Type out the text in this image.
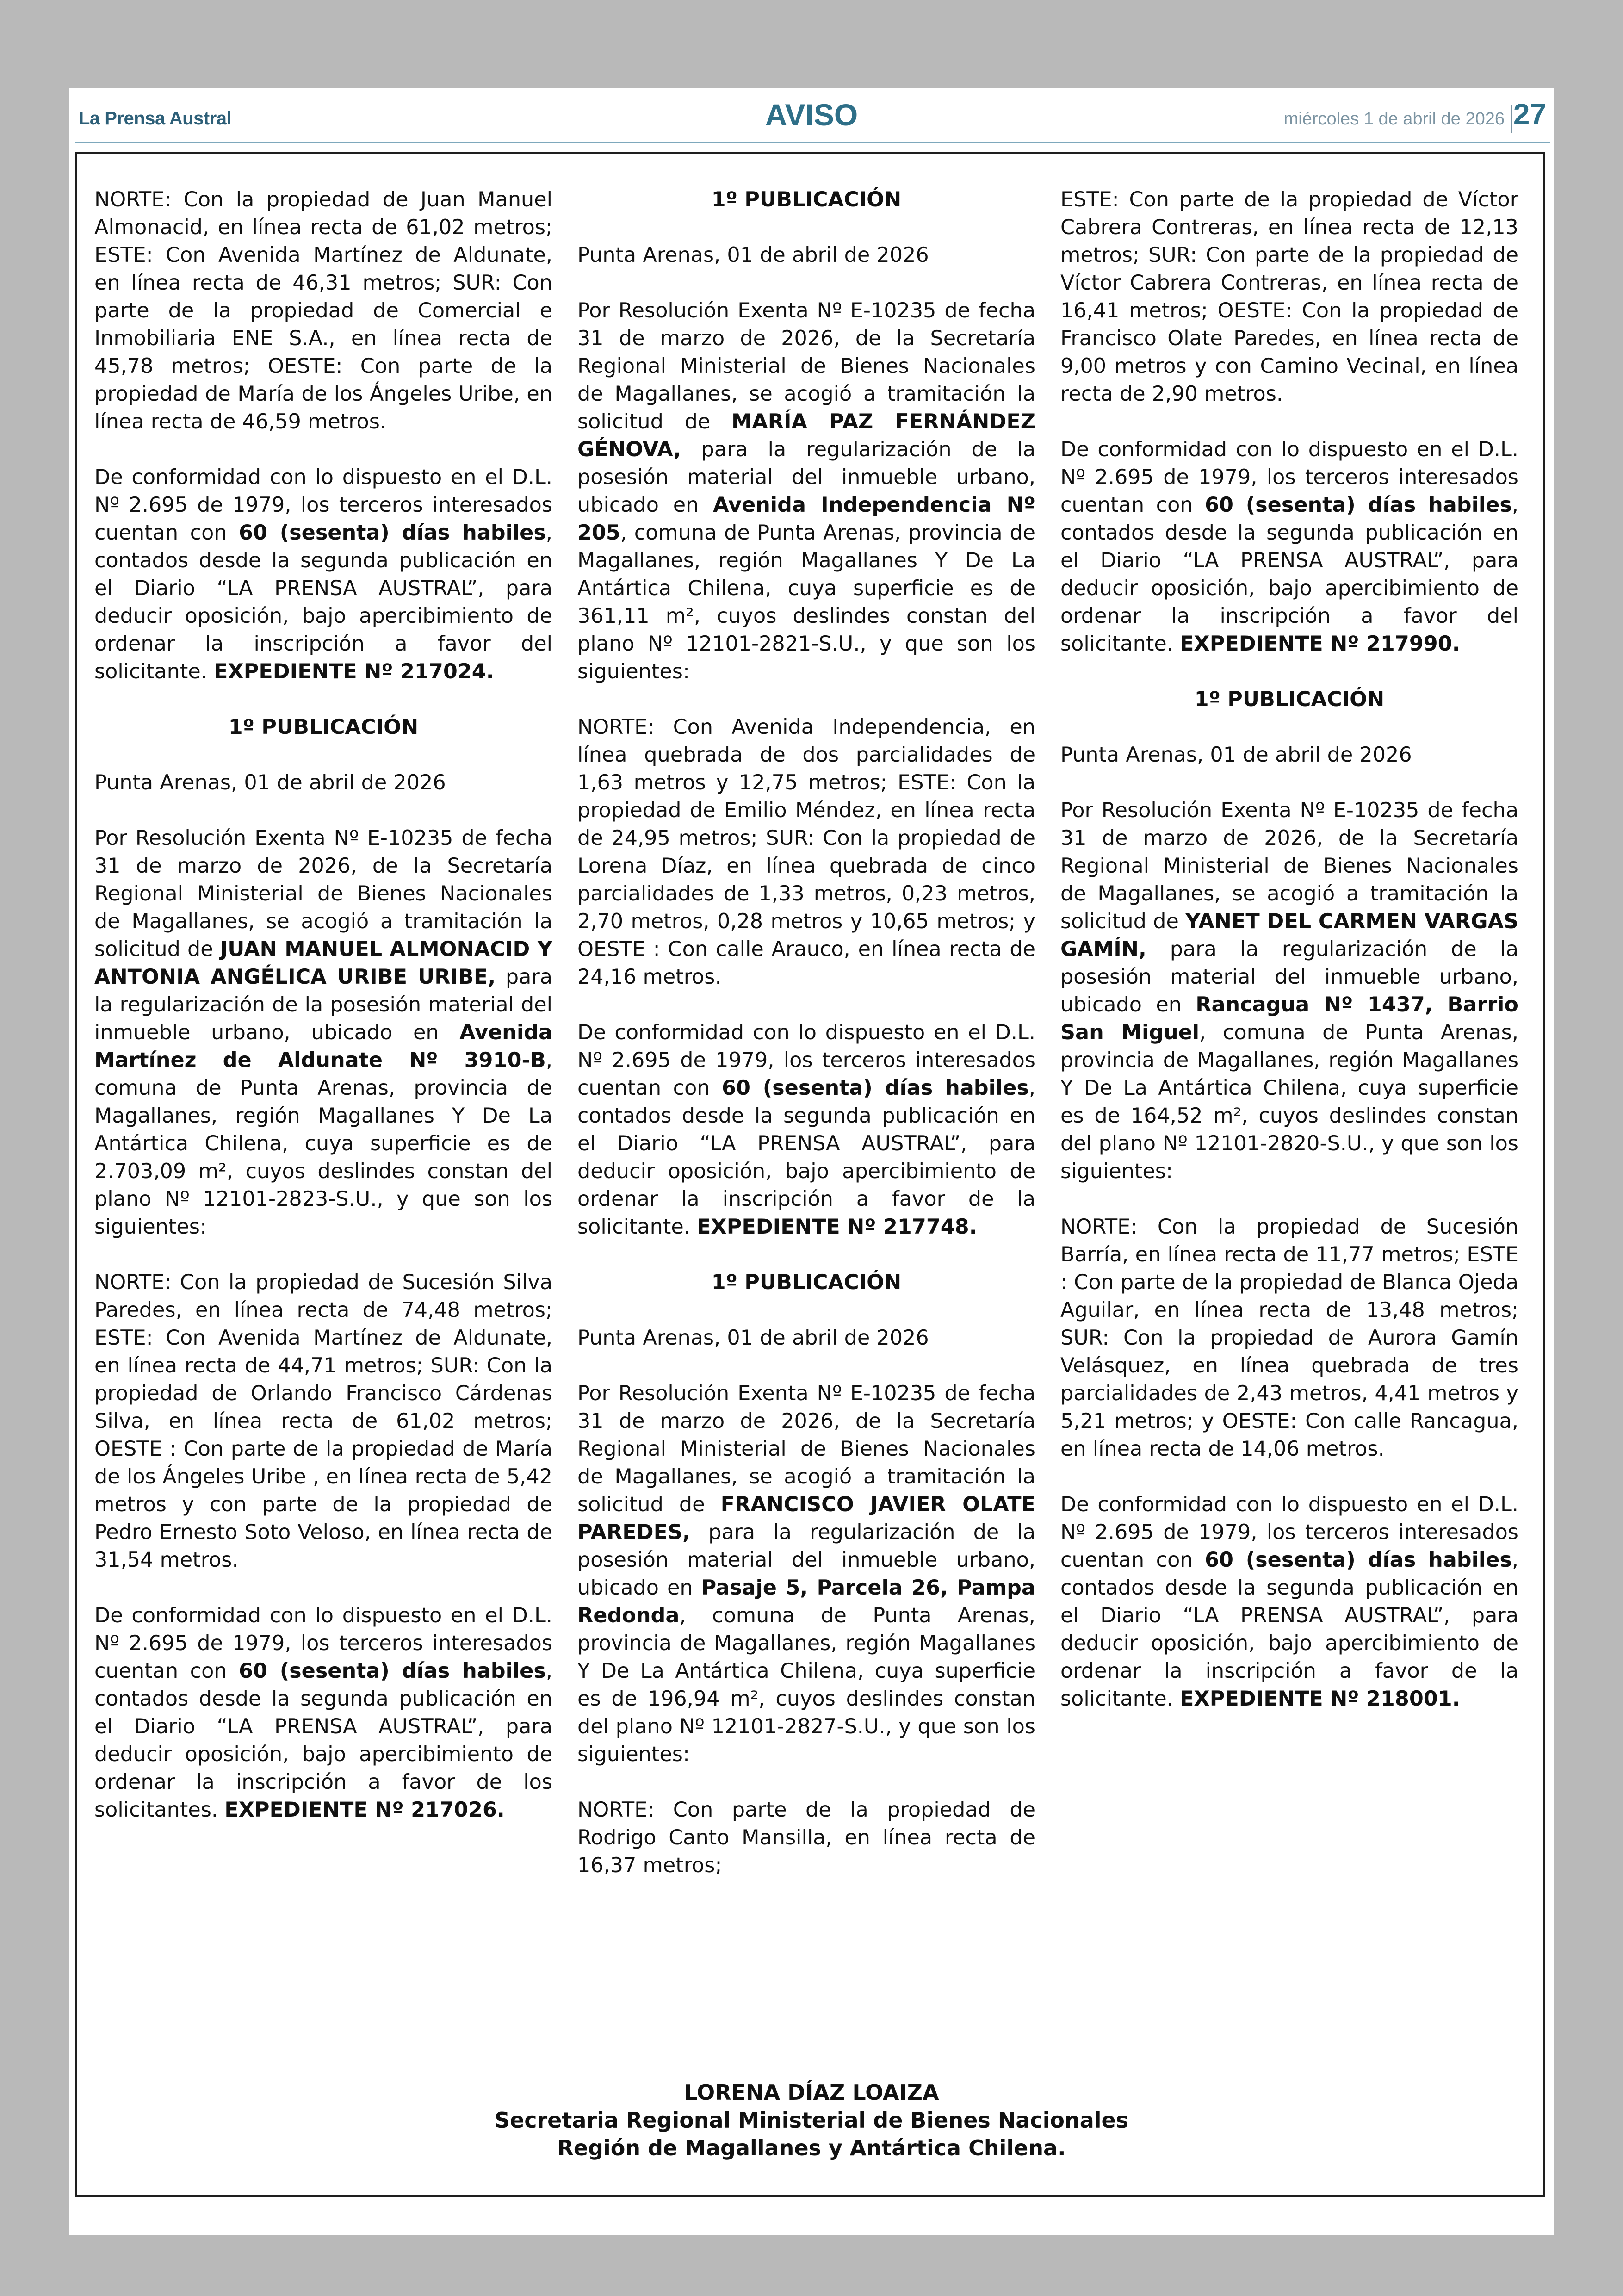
La Prensa Austral	AVISO	miércoles 1 de abril de 2026 27

NORTE: Con la propiedad de Juan Manuel Almonacid, en línea recta de 61,02 metros; ESTE: Con Avenida Martínez de Aldunate, en línea recta de 46,31 metros; SUR: Con parte de la propiedad de Comercial e Inmobiliaria ENE S.A., en línea recta de 45,78 metros; OESTE: Con parte de la propiedad de María de los Ángeles Uribe, en línea recta de 46,59 metros.

De conformidad con lo dispuesto en el D.L. Nº 2.695 de 1979, los terceros interesados cuentan con 60 (sesenta) días habiles, contados desde la segunda publicación en el Diario “LA PRENSA AUSTRAL”, para deducir oposición, bajo apercibimiento de ordenar la inscripción a favor del solicitante. EXPEDIENTE Nº 217024.

1º PUBLICACIÓN

Punta Arenas, 01 de abril de 2026

Por Resolución Exenta Nº E-10235 de fecha 31 de marzo de 2026, de la Secretaría Regional Ministerial de Bienes Nacionales de Magallanes, se acogió a tramitación la solicitud de JUAN MANUEL ALMONACID Y ANTONIA ANGÉLICA URIBE URIBE, para la regularización de la posesión material del inmueble urbano, ubicado en Avenida Martínez de Aldunate Nº 3910-B, comuna de Punta Arenas, provincia de Magallanes, región Magallanes Y De La Antártica Chilena, cuya superficie es de 2.703,09 m², cuyos deslindes constan del plano Nº 12101-2823-S.U., y que son los siguientes:

NORTE: Con la propiedad de Sucesión Silva Paredes, en línea recta de 74,48 metros; ESTE: Con Avenida Martínez de Aldunate, en línea recta de 44,71 metros; SUR: Con la propiedad de Orlando Francisco Cárdenas Silva, en línea recta de 61,02 metros; OESTE : Con parte de la propiedad de María de los Ángeles Uribe , en línea recta de 5,42 metros y con parte de la propiedad de Pedro Ernesto Soto Veloso, en línea recta de 31,54 metros.

De conformidad con lo dispuesto en el D.L. Nº 2.695 de 1979, los terceros interesados cuentan con 60 (sesenta) días habiles, contados desde la segunda publicación en el Diario “LA PRENSA AUSTRAL”, para deducir oposición, bajo apercibimiento de ordenar la inscripción a favor de los solicitantes. EXPEDIENTE Nº 217026.

1º PUBLICACIÓN

Punta Arenas, 01 de abril de 2026

Por Resolución Exenta Nº E-10235 de fecha 31 de marzo de 2026, de la Secretaría Regional Ministerial de Bienes Nacionales de Magallanes, se acogió a tramitación la solicitud de MARÍA PAZ FERNÁNDEZ GÉNOVA, para la regularización de la posesión material del inmueble urbano, ubicado en Avenida Independencia Nº 205, comuna de Punta Arenas, provincia de Magallanes, región Magallanes Y De La Antártica Chilena, cuya superficie es de 361,11 m², cuyos deslindes constan del plano Nº 12101-2821-S.U., y que son los siguientes:

NORTE: Con Avenida Independencia, en línea quebrada de dos parcialidades de 1,63 metros y 12,75 metros; ESTE: Con la propiedad de Emilio Méndez, en línea recta de 24,95 metros; SUR: Con la propiedad de Lorena Díaz, en línea quebrada de cinco parcialidades de 1,33 metros, 0,23 metros, 2,70 metros, 0,28 metros y 10,65 metros; y OESTE : Con calle Arauco, en línea recta de 24,16 metros.

De conformidad con lo dispuesto en el D.L. Nº 2.695 de 1979, los terceros interesados cuentan con 60 (sesenta) días habiles, contados desde la segunda publicación en el Diario “LA PRENSA AUSTRAL”, para deducir oposición, bajo apercibimiento de ordenar la inscripción a favor de la solicitante. EXPEDIENTE Nº 217748.

1º PUBLICACIÓN

Punta Arenas, 01 de abril de 2026

Por Resolución Exenta Nº E-10235 de fecha 31 de marzo de 2026, de la Secretaría Regional Ministerial de Bienes Nacionales de Magallanes, se acogió a tramitación la solicitud de FRANCISCO JAVIER OLATE PAREDES, para la regularización de la posesión material del inmueble urbano, ubicado en Pasaje 5, Parcela 26, Pampa Redonda, comuna de Punta Arenas, provincia de Magallanes, región Magallanes Y De La Antártica Chilena, cuya superficie es de 196,94 m², cuyos deslindes constan del plano Nº 12101-2827-S.U., y que son los siguientes:

NORTE: Con parte de la propiedad de Rodrigo Canto Mansilla, en línea recta de 16,37 metros;

ESTE: Con parte de la propiedad de Víctor Cabrera Contreras, en línea recta de 12,13 metros; SUR: Con parte de la propiedad de Víctor Cabrera Contreras, en línea recta de 16,41 metros; OESTE: Con la propiedad de Francisco Olate Paredes, en línea recta de 9,00 metros y con Camino Vecinal, en línea recta de 2,90 metros.

De conformidad con lo dispuesto en el D.L. Nº 2.695 de 1979, los terceros interesados cuentan con 60 (sesenta) días habiles, contados desde la segunda publicación en el Diario “LA PRENSA AUSTRAL”, para deducir oposición, bajo apercibimiento de ordenar la inscripción a favor del solicitante. EXPEDIENTE Nº 217990.

1º PUBLICACIÓN

Punta Arenas, 01 de abril de 2026

Por Resolución Exenta Nº E-10235 de fecha 31 de marzo de 2026, de la Secretaría Regional Ministerial de Bienes Nacionales de Magallanes, se acogió a tramitación la solicitud de YANET DEL CARMEN VARGAS GAMÍN, para la regularización de la posesión material del inmueble urbano, ubicado en Rancagua Nº 1437, Barrio San Miguel, comuna de Punta Arenas, provincia de Magallanes, región Magallanes Y De La Antártica Chilena, cuya superficie es de 164,52 m², cuyos deslindes constan del plano Nº 12101-2820-S.U., y que son los siguientes:

NORTE: Con la propiedad de Sucesión Barría, en línea recta de 11,77 metros; ESTE : Con parte de la propiedad de Blanca Ojeda Aguilar, en línea recta de 13,48 metros; SUR: Con la propiedad de Aurora Gamín Velásquez, en línea quebrada de tres parcialidades de 2,43 metros, 4,41 metros y 5,21 metros; y OESTE: Con calle Rancagua, en línea recta de 14,06 metros.

De conformidad con lo dispuesto en el D.L. Nº 2.695 de 1979, los terceros interesados cuentan con 60 (sesenta) días habiles, contados desde la segunda publicación en el Diario “LA PRENSA AUSTRAL”, para deducir oposición, bajo apercibimiento de ordenar la inscripción a favor de la solicitante. EXPEDIENTE Nº 218001.

LORENA DÍAZ LOAIZA
Secretaria Regional Ministerial de Bienes Nacionales
Región de Magallanes y Antártica Chilena.
